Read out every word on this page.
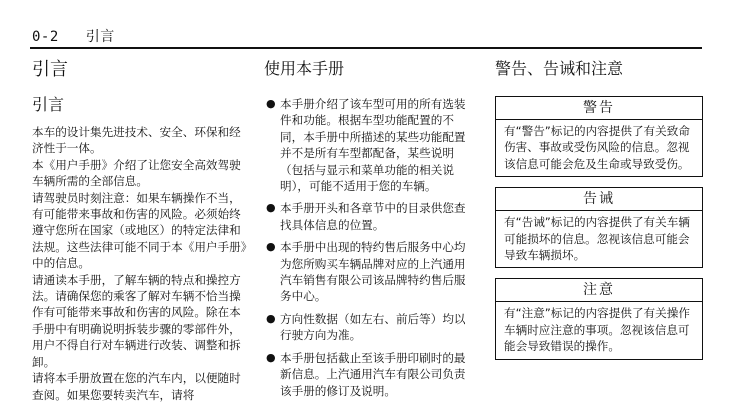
0-2 引言
引言
引言

本车的设计集先进技术、安全、环保和经济性于一体。

本《用户手册》介绍了让您安全高效驾驶车辆所需的全部信息。

请驾驶员时刻注意：如果车辆操作不当，有可能带来事故和伤害的风险。必须始终遵守您所在国家（或地区）的特定法律和法规。这些法律可能不同于本《用户手册》中的信息。

请通读本手册，了解车辆的特点和操控方法。请确保您的乘客了解对车辆不恰当操作有可能带来事故和伤害的风险。除在本手册中有明确说明拆装步骤的零部件外，用户不得自行对车辆进行改装、调整和拆卸。

请将本手册放置在您的汽车内，以便随时查阅。如果您要转卖汽车，请将

使用本手册
● 本手册介绍了该车型可用的所有选装件和功能。根据车型功能配置的不同，本手册中所描述的某些功能配置并不是所有车型都配备，某些说明（包括与显示和菜单功能的相关说明），可能不适用于您的车辆。
● 本手册开头和各章节中的目录供您查找具体信息的位置。
● 本手册中出现的特约售后服务中心均为您所购买车辆品牌对应的上汽通用汽车销售有限公司该品牌特约售后服务中心。
● 方向性数据（如左右、前后等）均以行驶方向为准。
● 本手册包括截止至该手册印刷时的最新信息。上汽通用汽车有限公司负责该手册的修订及说明。
警告、告诫和注意
警告
有“警告”标记的内容提供了有关致命伤害、事故或受伤风险的信息。忽视该信息可能会危及生命或导致受伤。
告诫
有“告诫”标记的内容提供了有关车辆可能损坏的信息。忽视该信息可能会导致车辆损坏。
注意
有“注意”标记的内容提供了有关操作车辆时应注意的事项。忽视该信息可能会导致错误的操作。
